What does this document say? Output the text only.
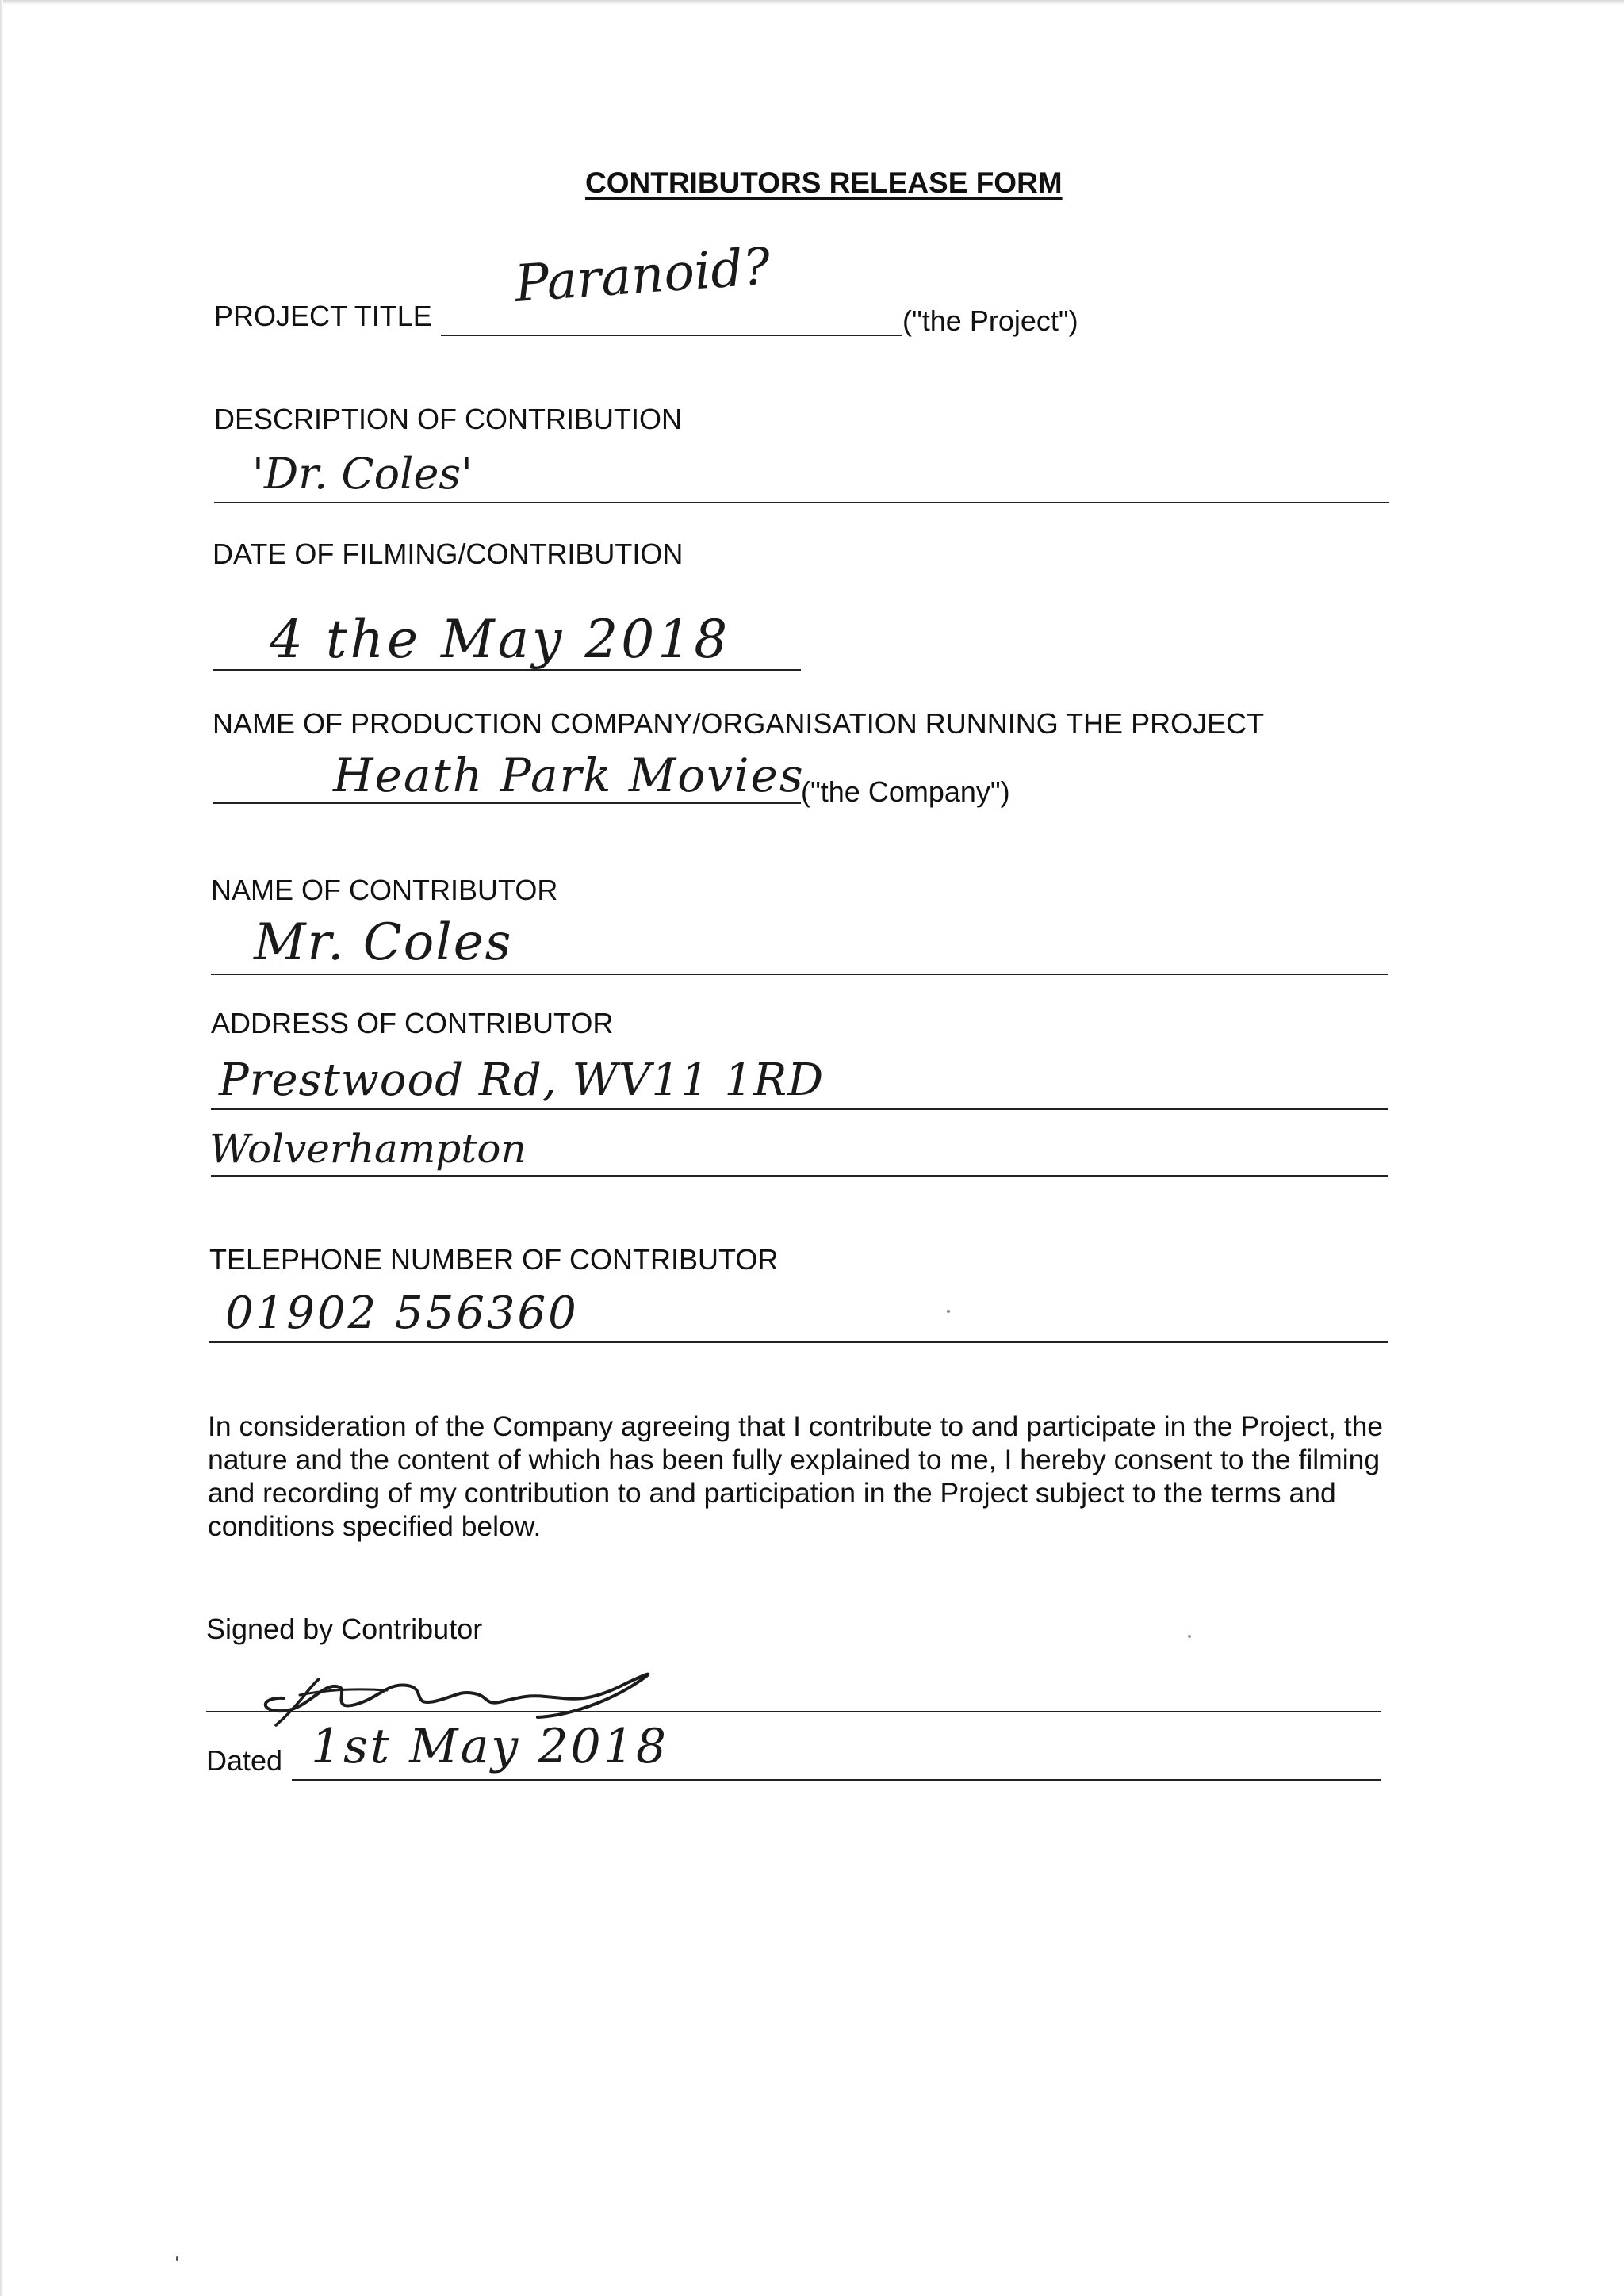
CONTRIBUTORS RELEASE FORM
PROJECT TITLE
Paranoid?
("the Project")
DESCRIPTION OF CONTRIBUTION
'Dr. Coles'
DATE OF FILMING/CONTRIBUTION
4 the May 2018
NAME OF PRODUCTION COMPANY/ORGANISATION RUNNING THE PROJECT
Heath Park Movies
("the Company")
NAME OF CONTRIBUTOR
Mr. Coles
ADDRESS OF CONTRIBUTOR
Prestwood Rd, WV11 1RD
Wolverhampton
TELEPHONE NUMBER OF CONTRIBUTOR
01902 556360
In consideration of the Company agreeing that I contribute to and participate in the Project, the nature and the content of which has been fully explained to me, I hereby consent to the filming and recording of my contribution to and participation in the Project subject to the terms and conditions specified below.
Signed by Contributor
Dated 1st May 2018
